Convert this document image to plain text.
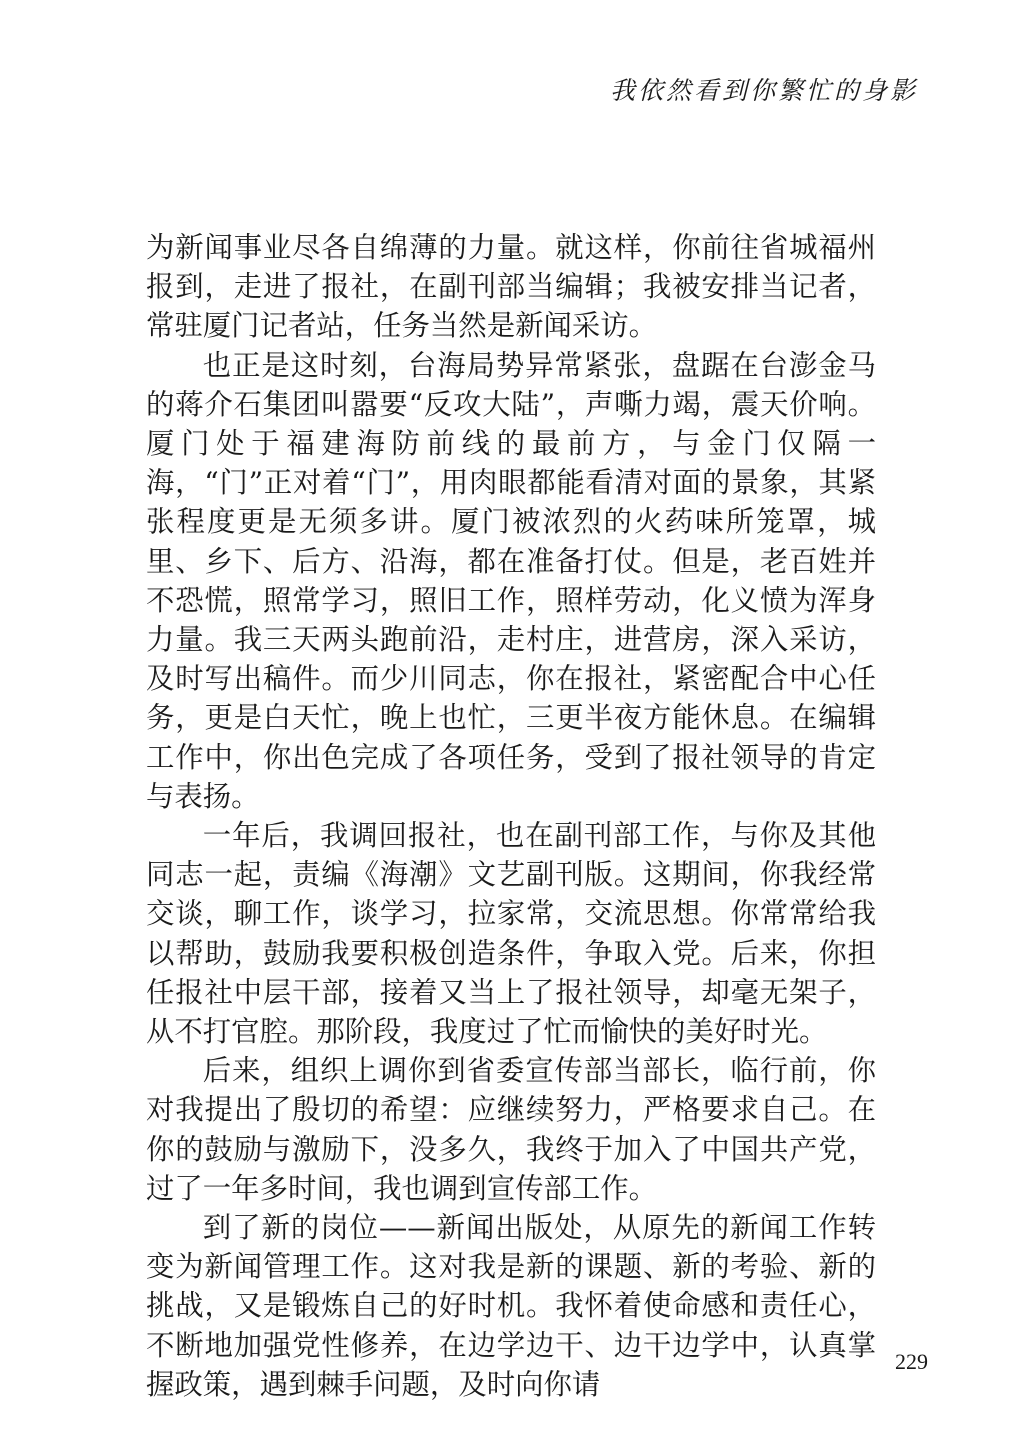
我依然看到你繁忙的身影

为新闻事业尽各自绵薄的力量。就这样，你前往省城福州报到，走进了报社，在副刊部当编辑；我被安排当记者，常驻厦门记者站，任务当然是新闻采访。

也正是这时刻，台海局势异常紧张，盘踞在台澎金马的蒋介石集团叫嚣要“反攻大陆”，声嘶力竭，震天价响。厦门处于福建海防前线的最前方，与金门仅隔一海，“门”正对着“门”，用肉眼都能看清对面的景象，其紧张程度更是无须多讲。厦门被浓烈的火药味所笼罩，城里、乡下、后方、沿海，都在准备打仗。但是，老百姓并不恐慌，照常学习，照旧工作，照样劳动，化义愤为浑身力量。我三天两头跑前沿，走村庄，进营房，深入采访，及时写出稿件。而少川同志，你在报社，紧密配合中心任务，更是白天忙，晚上也忙，三更半夜方能休息。在编辑工作中，你出色完成了各项任务，受到了报社领导的肯定与表扬。

一年后，我调回报社，也在副刊部工作，与你及其他同志一起，责编《海潮》文艺副刊版。这期间，你我经常交谈，聊工作，谈学习，拉家常，交流思想。你常常给我以帮助，鼓励我要积极创造条件，争取入党。后来，你担任报社中层干部，接着又当上了报社领导，却毫无架子，从不打官腔。那阶段，我度过了忙而愉快的美好时光。

后来，组织上调你到省委宣传部当部长，临行前，你对我提出了殷切的希望：应继续努力，严格要求自己。在你的鼓励与激励下，没多久，我终于加入了中国共产党，过了一年多时间，我也调到宣传部工作。

到了新的岗位——新闻出版处，从原先的新闻工作转变为新闻管理工作。这对我是新的课题、新的考验、新的挑战，又是锻炼自己的好时机。我怀着使命感和责任心，不断地加强党性修养，在边学边干、边干边学中，认真掌握政策，遇到棘手问题，及时向你请

229
